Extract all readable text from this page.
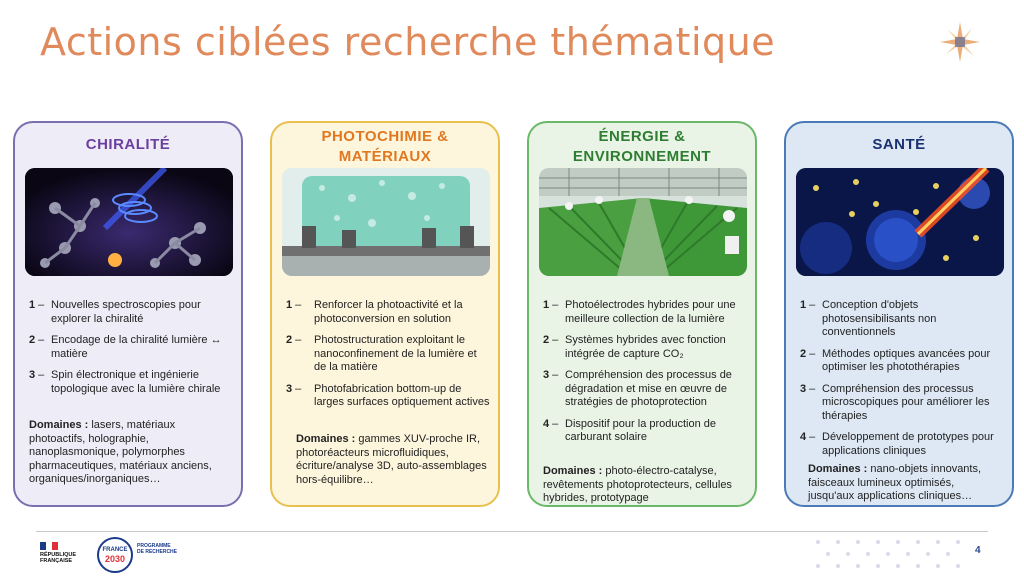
Actions ciblées recherche thématique
CHIRALITÉ
1 – Nouvelles spectroscopies pour explorer la chiralité
2 – Encodage de la chiralité lumière ↔ matière
3 – Spin électronique et ingénierie topologique avec la lumière chirale
Domaines : lasers, matériaux photoactifs, holographie, nanoplasmonique, polymorphes pharmaceutiques, matériaux anciens, organiques/inorganiques…
PHOTOCHIMIE &
MATÉRIAUX
1 –	Renforcer la photoactivité et la photoconversion en solution
2 –	Photostructuration exploitant le nanoconfinement de la lumière et de la matière
3 –	Photofabrication bottom-up de larges surfaces optiquement actives
Domaines : gammes XUV-proche IR, photoréacteurs microfluidiques, écriture/analyse 3D, auto-assemblages hors-équilibre…
ÉNERGIE &
ENVIRONNEMENT
1 – Photoélectrodes hybrides pour une meilleure collection de la lumière
2 – Systèmes hybrides avec fonction intégrée de capture CO₂
3 – Compréhension des processus de dégradation et mise en œuvre de stratégies de photoprotection
4 – Dispositif pour la production de carburant solaire
Domaines : photo-électro-catalyse, revêtements photoprotecteurs, cellules hybrides, prototypage
SANTÉ
1 – Conception d'objets photosensibilisants non conventionnels
2 – Méthodes optiques avancées pour optimiser les photothérapies
3 – Compréhension des processus microscopiques pour améliorer les thérapies
4 – Développement de prototypes pour applications cliniques
Domaines : nano-objets innovants, faisceaux lumineux optimisés, jusqu'aux applications cliniques…
RÉPUBLIQUE
FRANÇAISE
FRANCE
2030
PROGRAMME
DE RECHERCHE	4
